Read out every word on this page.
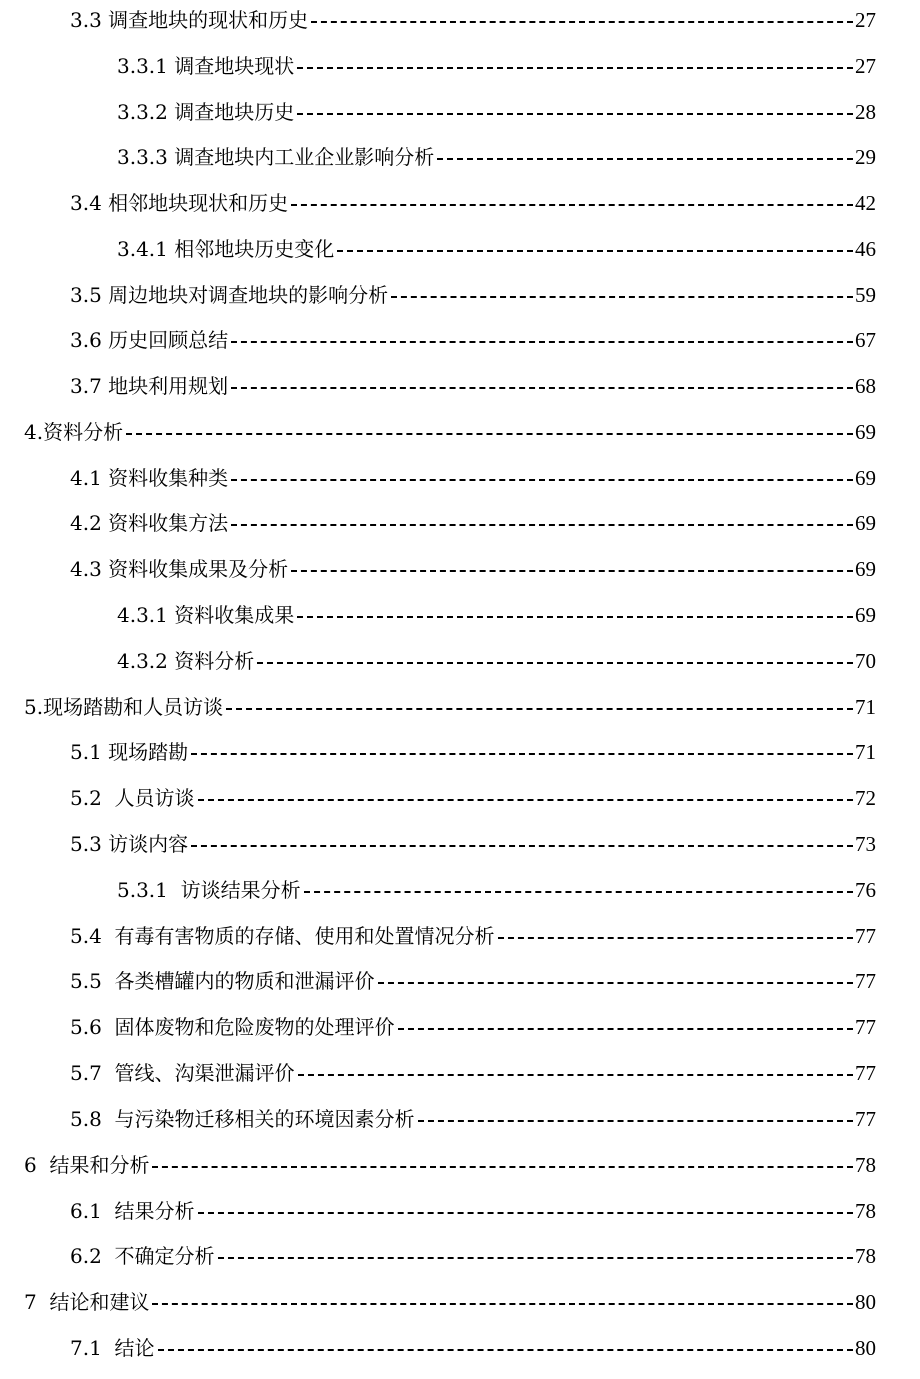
3.3 调查地块的现状和历史	27
3.3.1 调查地块现状	27
3.3.2 调查地块历史	28
3.3.3 调查地块内工业企业影响分析	29
3.4 相邻地块现状和历史	42
3.4.1 相邻地块历史变化	46
3.5 周边地块对调查地块的影响分析	59
3.6 历史回顾总结	67
3.7 地块利用规划	68
4.资料分析	69
4.1 资料收集种类	69
4.2 资料收集方法	69
4.3 资料收集成果及分析	69
4.3.1 资料收集成果	69
4.3.2 资料分析	70
5.现场踏勘和人员访谈	71
5.1 现场踏勘	71
5.2  人员访谈	72
5.3 访谈内容	73
5.3.1  访谈结果分析	76
5.4  有毒有害物质的存储、使用和处置情况分析	77
5.5  各类槽罐内的物质和泄漏评价	77
5.6  固体废物和危险废物的处理评价	77
5.7  管线、沟渠泄漏评价	77
5.8  与污染物迁移相关的环境因素分析	77
6  结果和分析	78
6.1  结果分析	78
6.2  不确定分析	78
7  结论和建议	80
7.1  结论	80
